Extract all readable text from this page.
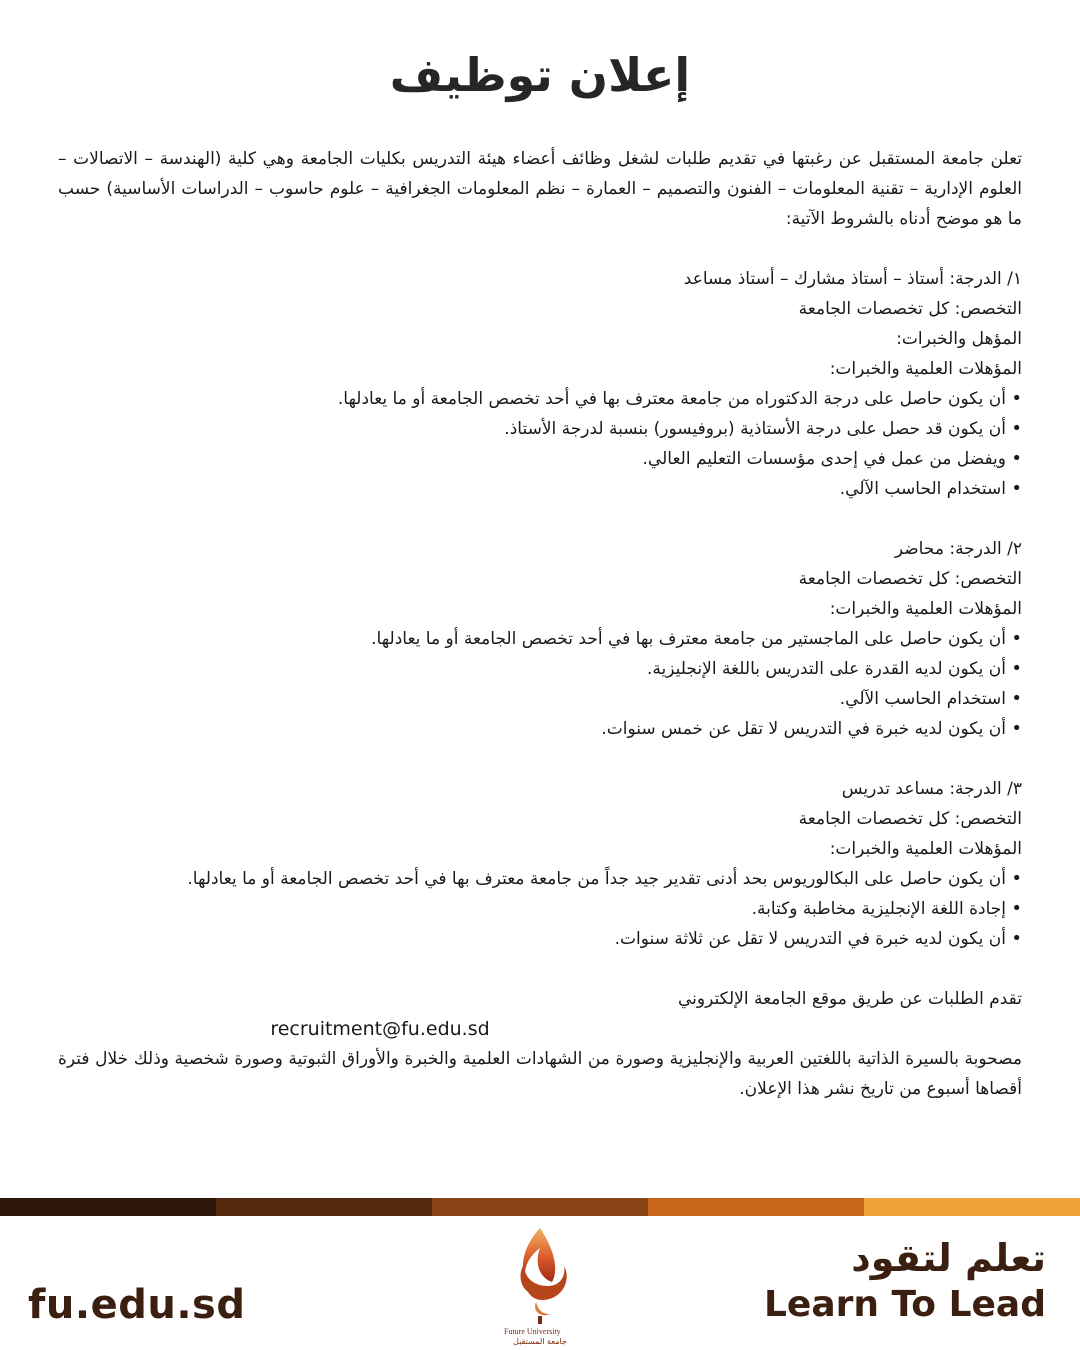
إعلان توظيف

تعلن جامعة المستقبل عن رغبتها في تقديم طلبات لشغل وظائف أعضاء هيئة التدريس بكليات الجامعة وهي كلية (الهندسة – الاتصالات – العلوم الإدارية – تقنية المعلومات – الفنون والتصميم – العمارة – نظم المعلومات الجغرافية – علوم حاسوب – الدراسات الأساسية) حسب ما هو موضح أدناه بالشروط الآتية:

١/ الدرجة: أستاذ – أستاذ مشارك – أستاذ مساعد

التخصص: كل تخصصات الجامعة

المؤهل والخبرات:

المؤهلات العلمية والخبرات:

• أن يكون حاصل على درجة الدكتوراه من جامعة معترف بها في أحد تخصص الجامعة أو ما يعادلها.
• أن يكون قد حصل على درجة الأستاذية (بروفيسور) بنسبة لدرجة الأستاذ.
• ويفضل من عمل في إحدى مؤسسات التعليم العالي.
• استخدام الحاسب الآلي.

٢/ الدرجة: محاضر

التخصص: كل تخصصات الجامعة

المؤهلات العلمية والخبرات:

• أن يكون حاصل على الماجستير من جامعة معترف بها في أحد تخصص الجامعة أو ما يعادلها.
• أن يكون لديه القدرة على التدريس باللغة الإنجليزية.
• استخدام الحاسب الآلي.
• أن يكون لديه خبرة في التدريس لا تقل عن خمس سنوات.

٣/ الدرجة: مساعد تدريس

التخصص: كل تخصصات الجامعة

المؤهلات العلمية والخبرات:

• أن يكون حاصل على البكالوريوس بحد أدنى تقدير جيد جداً من جامعة معترف بها في أحد تخصص الجامعة أو ما يعادلها.
• إجادة اللغة الإنجليزية مخاطبة وكتابة.
• أن يكون لديه خبرة في التدريس لا تقل عن ثلاثة سنوات.

تقدم الطلبات عن طريق موقع الجامعة الإلكتروني

recruitment@fu.edu.sd

مصحوبة بالسيرة الذاتية باللغتين العربية والإنجليزية وصورة من الشهادات العلمية والخبرة والأوراق الثبوتية وصورة شخصية وذلك خلال فترة أقصاها أسبوع من تاريخ نشر هذا الإعلان.

fu.edu.sd
Future University
جامعة المستقبل
تعلم لتقود
Learn To Lead
